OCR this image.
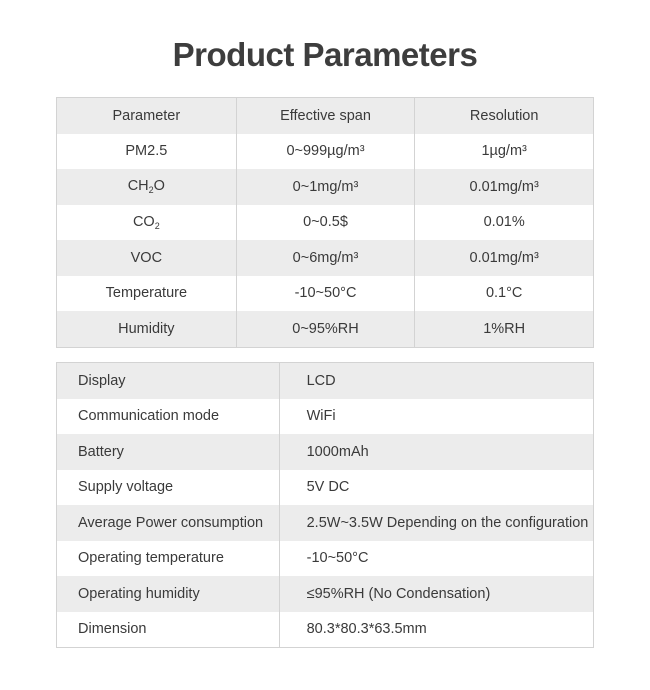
Product Parameters
Parameter	Effective span	Resolution
PM2.5	0~999µg/m³	1µg/m³
$CH_2O$	0~1mg/m³	0.01mg/m³
$CO_2$	0~0.5$	0.01%
VOC	0~6mg/m³	0.01mg/m³
Temperature	-10~50°C	0.1°C
Humidity	0~95%RH	1%RH
Display	LCD
Communication mode	WiFi
Battery	1000mAh
Supply voltage	5V DC
Average Power consumption	2.5W~3.5W Depending on the configuration
Operating temperature	-10~50°C
Operating humidity	≤95%RH (No Condensation)
Dimension	80.3*80.3*63.5mm
